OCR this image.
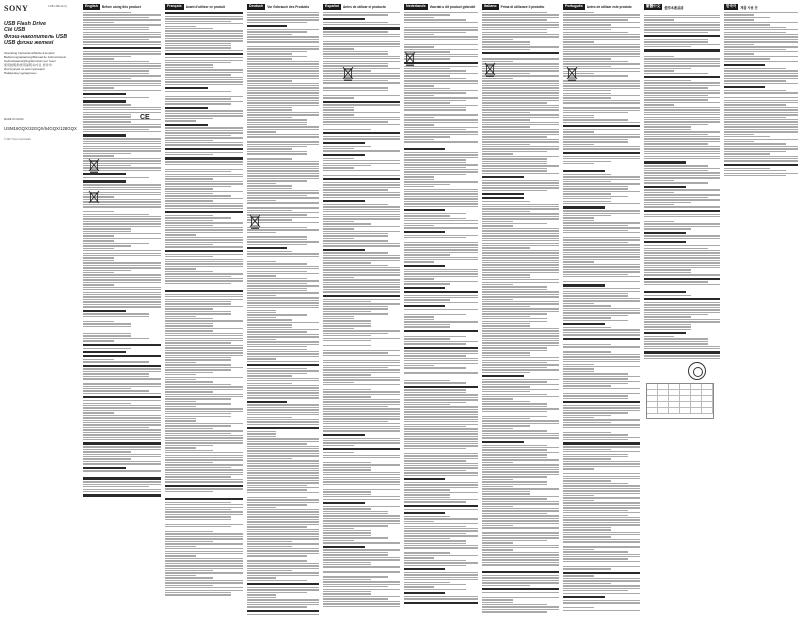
SONY	4-581-480-21(1)
USB Flash Drive
Clé USB
Флэш-накопитель USB
USB флэш жетегі
Operating Instructions/Mode d'emploi/
Bedienungsanleitung/Manual de instrucciones/
Gebruiksaanwijzing/Istruzioni per l'uso/
使用說明書/使用说明书/사용 설명서/
Инструкция по эксплуатации/
Пайдалану нұсқаулығы
MADE IN CHINA
USM16GQX/32GQX/64GQX/128GQX
© 2017 Sony Corporation
English	Before using this product	Français	Avant d'utiliser ce produit	Deutsch	Vor Gebrauch des Produkts	Español	Antes de utilizar el producto	Nederlands	Voordat u dit product gebruikt	Italiano	Prima di utilizzare il prodotto	Português	Antes de utilizar este produto	繁體中文	使用本產品前	한국어	제품 사용 전
CE
